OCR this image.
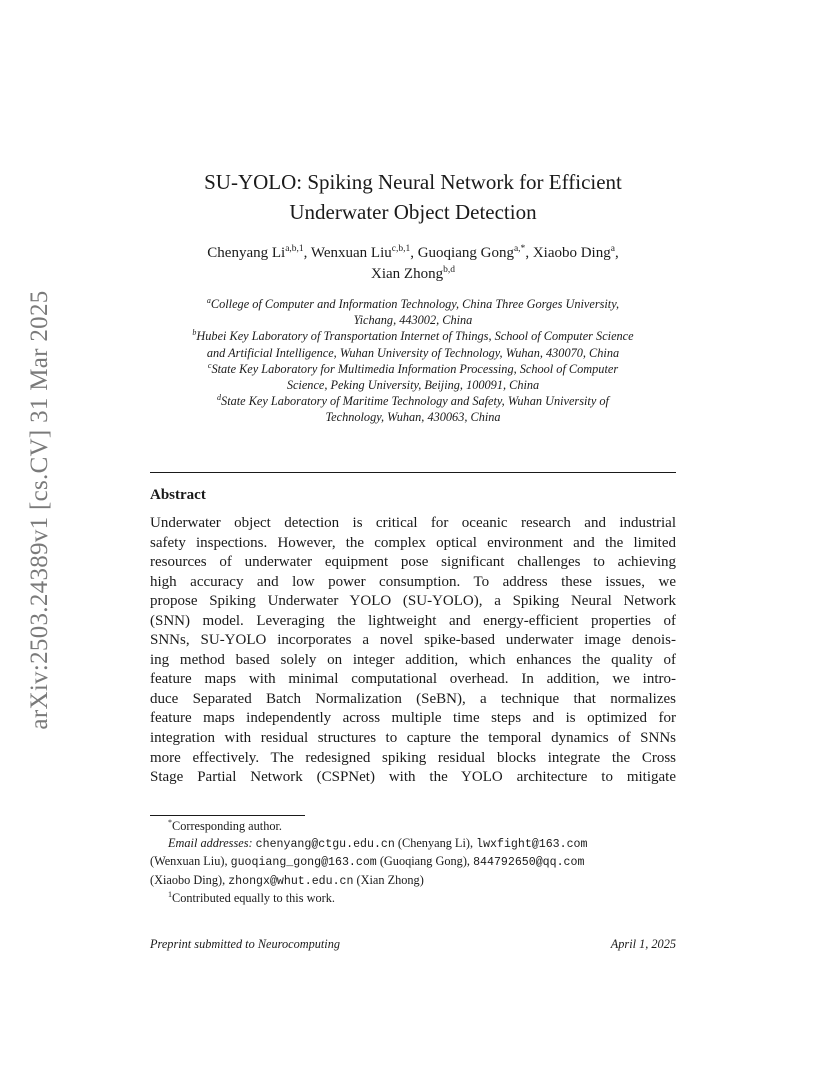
arXiv:2503.24389v1 [cs.CV] 31 Mar 2025
SU-YOLO: Spiking Neural Network for Efficient
Underwater Object Detection
Chenyang Li$^{a,b,1}$, Wenxuan Liu$^{c,b,1}$, Guoqiang Gong$^{a,*}$, Xiaobo Ding$^a$,
Xian Zhong$^{b,d}$
$^a$College of Computer and Information Technology, China Three Gorges University,
Yichang, 443002, China
$^b$Hubei Key Laboratory of Transportation Internet of Things, School of Computer Science
and Artificial Intelligence, Wuhan University of Technology, Wuhan, 430070, China
$^c$State Key Laboratory for Multimedia Information Processing, School of Computer
Science, Peking University, Beijing, 100091, China
$^d$State Key Laboratory of Maritime Technology and Safety, Wuhan University of
Technology, Wuhan, 430063, China
Abstract
Underwater object detection is critical for oceanic research and industrial
safety inspections. However, the complex optical environment and the limited
resources of underwater equipment pose significant challenges to achieving
high accuracy and low power consumption. To address these issues, we
propose Spiking Underwater YOLO (SU-YOLO), a Spiking Neural Network
(SNN) model. Leveraging the lightweight and energy-efficient properties of
SNNs, SU-YOLO incorporates a novel spike-based underwater image denois-
ing method based solely on integer addition, which enhances the quality of
feature maps with minimal computational overhead. In addition, we intro-
duce Separated Batch Normalization (SeBN), a technique that normalizes
feature maps independently across multiple time steps and is optimized for
integration with residual structures to capture the temporal dynamics of SNNs
more effectively. The redesigned spiking residual blocks integrate the Cross
Stage Partial Network (CSPNet) with the YOLO architecture to mitigate
*Corresponding author.
Email addresses: chenyang@ctgu.edu.cn (Chenyang Li), lwxfight@163.com
(Wenxuan Liu), guoqiang_gong@163.com (Guoqiang Gong), 844792650@qq.com
(Xiaobo Ding), zhongx@whut.edu.cn (Xian Zhong)
$^1$Contributed equally to this work.
Preprint submitted to Neurocomputing	April 1, 2025
